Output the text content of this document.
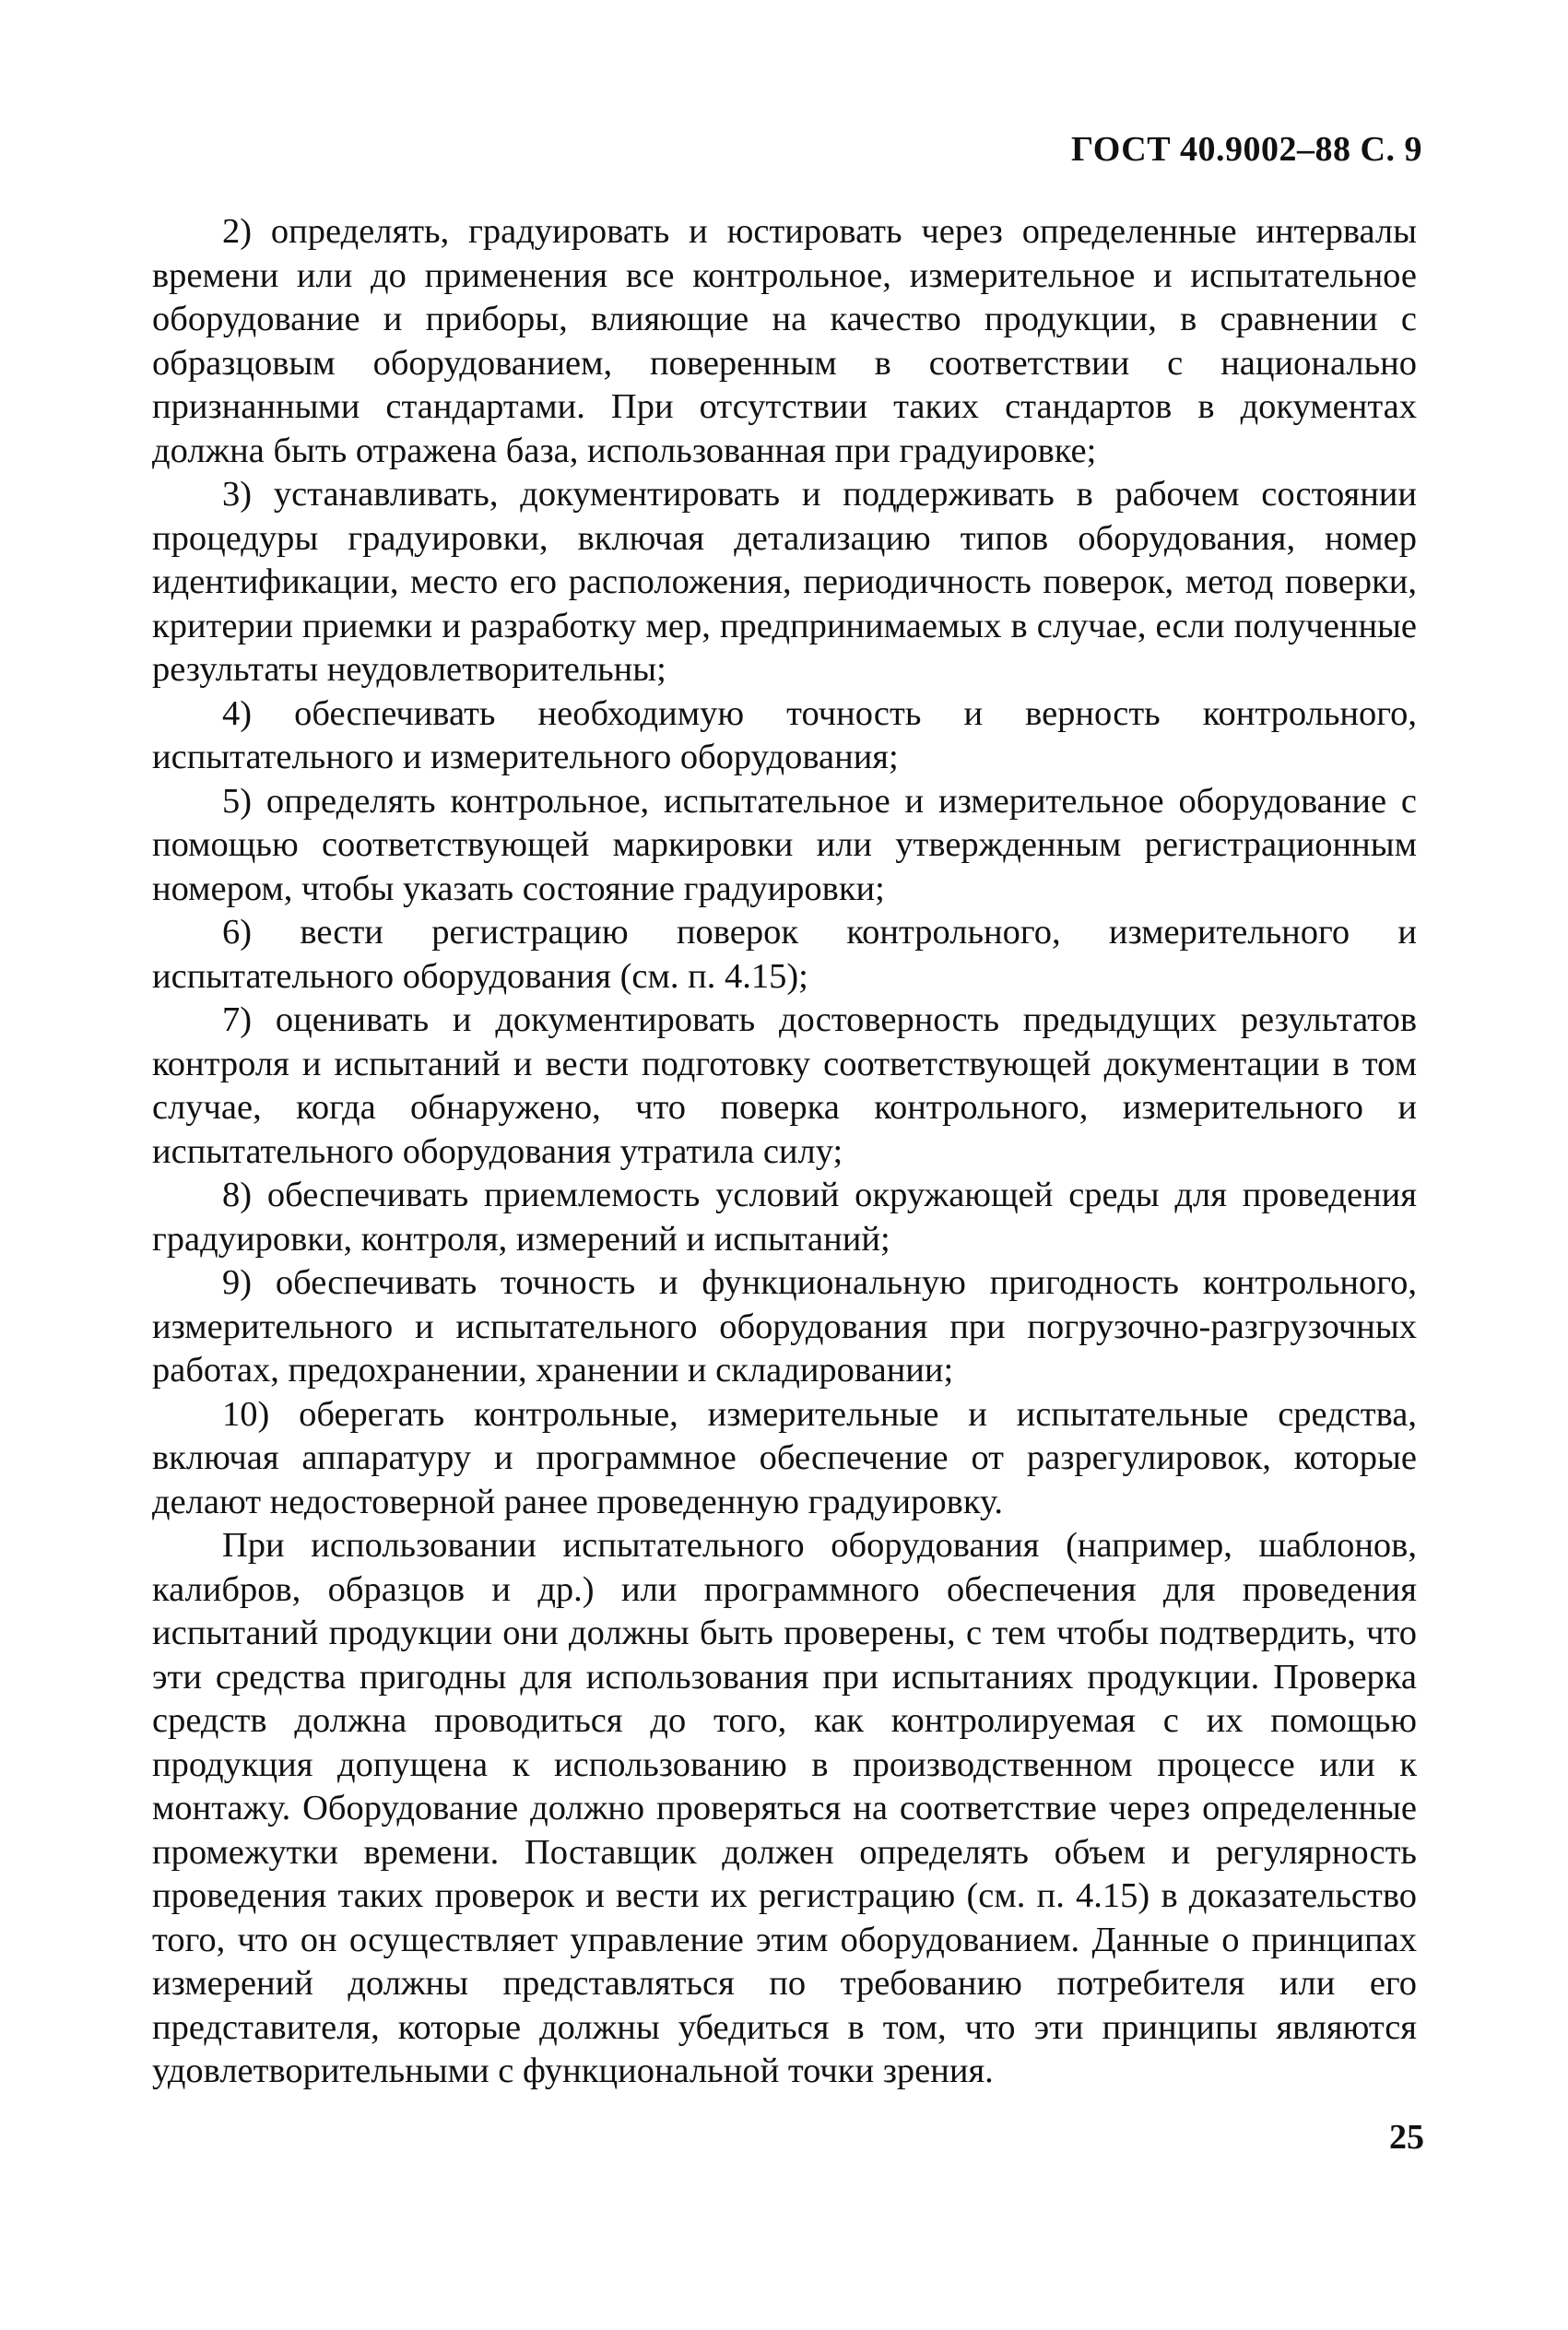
ГОСТ 40.9002–88 С. 9

2) определять, градуировать и юстировать через определенные интервалы времени или до применения все контрольное, измерительное и испытательное оборудование и приборы, влияющие на качество продукции, в сравнении с образцовым оборудованием, поверенным в соответствии с национально признанными стандартами. При отсутствии таких стандартов в документах должна быть отражена база, использованная при градуировке;

3) устанавливать, документировать и поддерживать в рабочем состоянии процедуры градуировки, включая детализацию типов оборудования, номер идентификации, место его расположения, периодичность поверок, метод поверки, критерии приемки и разработку мер, предпринимаемых в случае, если полученные результаты неудовлетворительны;

4) обеспечивать необходимую точность и верность контрольного, испытательного и измерительного оборудования;

5) определять контрольное, испытательное и измерительное оборудование с помощью соответствующей маркировки или утвержденным регистрационным номером, чтобы указать состояние градуировки;

6) вести регистрацию поверок контрольного, измерительного и испытательного оборудования (см. п. 4.15);

7) оценивать и документировать достоверность предыдущих результатов контроля и испытаний и вести подготовку соответствующей документации в том случае, когда обнаружено, что поверка контрольного, измерительного и испытательного оборудования утратила силу;

8) обеспечивать приемлемость условий окружающей среды для проведения градуировки, контроля, измерений и испытаний;

9) обеспечивать точность и функциональную пригодность контрольного, измерительного и испытательного оборудования при погрузочно-разгрузочных работах, предохранении, хранении и складировании;

10) оберегать контрольные, измерительные и испытательные средства, включая аппаратуру и программное обеспечение от разрегулировок, которые делают недостоверной ранее проведенную градуировку.

При использовании испытательного оборудования (например, шаблонов, калибров, образцов и др.) или программного обеспечения для проведения испытаний продукции они должны быть проверены, с тем чтобы подтвердить, что эти средства пригодны для использования при испытаниях продукции. Проверка средств должна проводиться до того, как контролируемая с их помощью продукция допущена к использованию в производственном процессе или к монтажу. Оборудование должно проверяться на соответствие через определенные промежутки времени. Поставщик должен определять объем и регулярность проведения таких проверок и вести их регистрацию (см. п. 4.15) в доказательство того, что он осуществляет управление этим оборудованием. Данные о принципах измерений должны представляться по требованию потребителя или его представителя, которые должны убедиться в том, что эти принципы являются удовлетворительными с функциональной точки зрения.

25
